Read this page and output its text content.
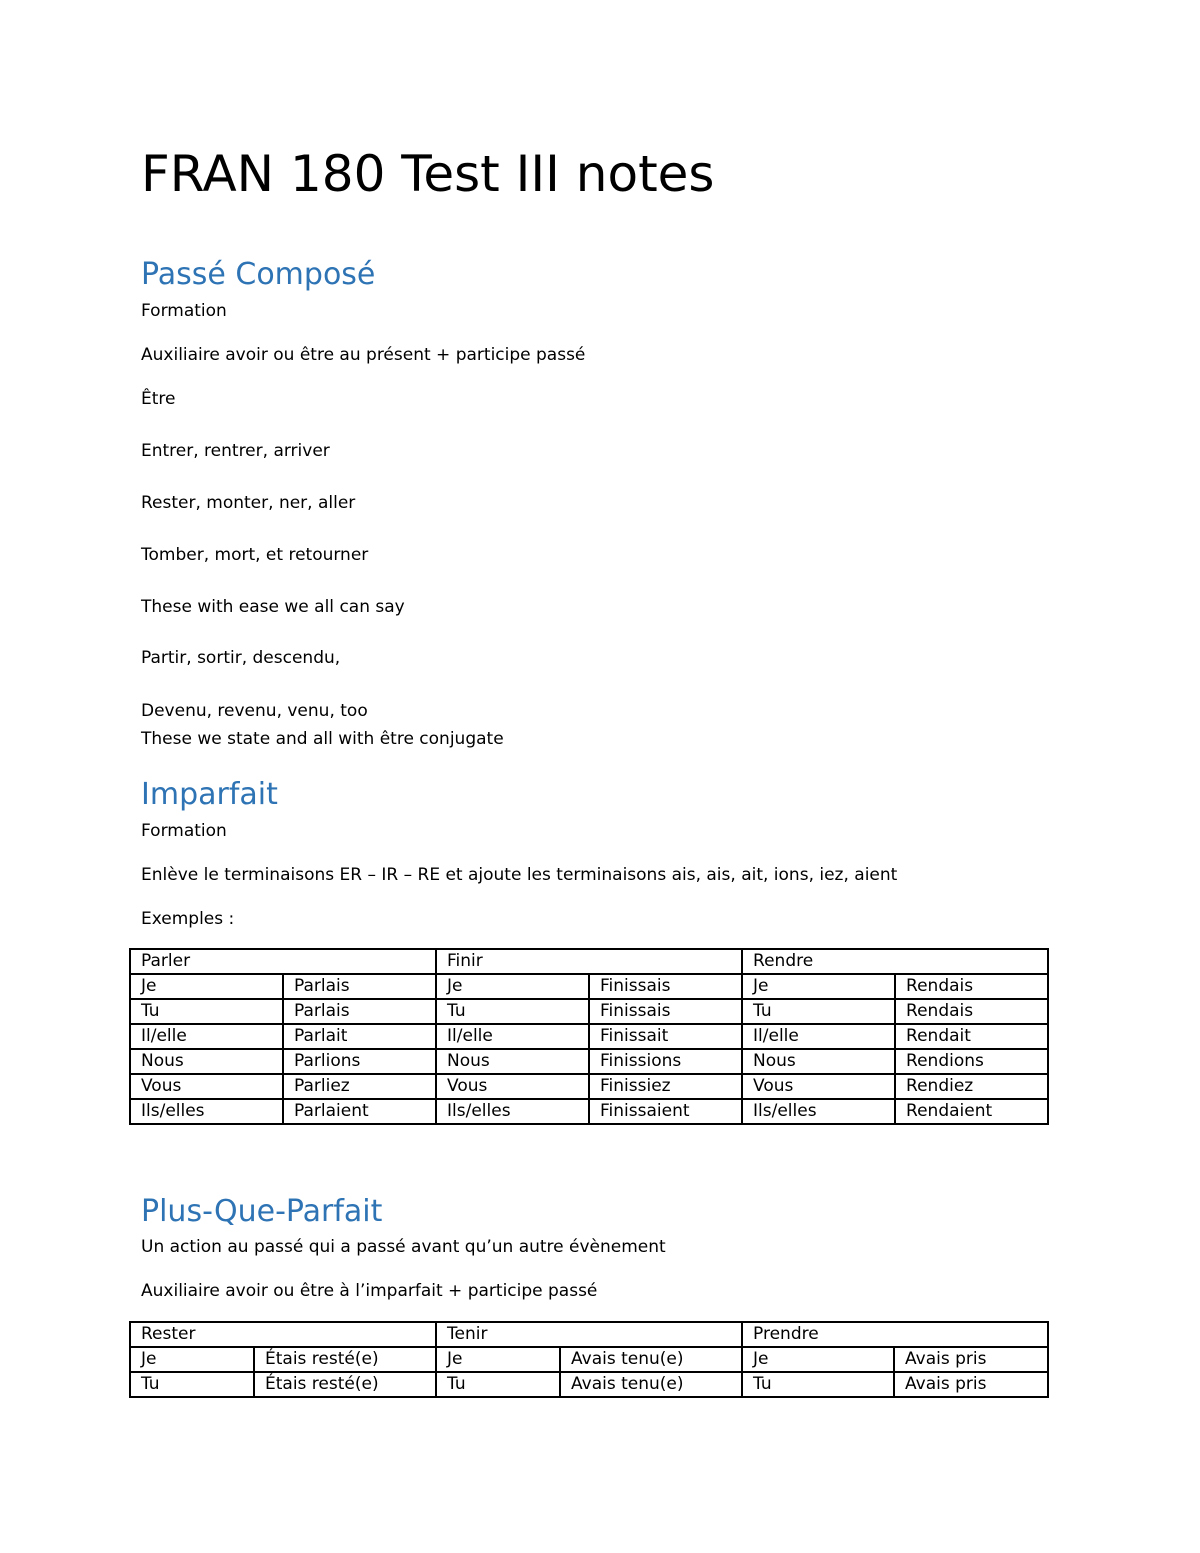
FRAN 180 Test III notes
Passé Composé
Formation
Auxiliaire avoir ou être au présent + participe passé
Être
Entrer, rentrer, arriver
Rester, monter, ner, aller
Tomber, mort, et retourner
These with ease we all can say
Partir, sortir, descendu,
Devenu, revenu, venu, too
These we state and all with être conjugate
Imparfait
Formation
Enlève le terminaisons ER – IR – RE et ajoute les terminaisons ais, ais, ait, ions, iez, aient
Exemples :
Parler		Finir		Rendre	
Je	Parlais	Je	Finissais	Je	Rendais
Tu	Parlais	Tu	Finissais	Tu	Rendais
Il/elle	Parlait	Il/elle	Finissait	Il/elle	Rendait
Nous	Parlions	Nous	Finissions	Nous	Rendions
Vous	Parliez	Vous	Finissiez	Vous	Rendiez
Ils/elles	Parlaient	Ils/elles	Finissaient	Ils/elles	Rendaient
Plus-Que-Parfait
Un action au passé qui a passé avant qu’un autre évènement
Auxiliaire avoir ou être à l’imparfait + participe passé
Rester		Tenir		Prendre	
Je	Étais resté(e)	Je	Avais tenu(e)	Je	Avais pris
Tu	Étais resté(e)	Tu	Avais tenu(e)	Tu	Avais pris
